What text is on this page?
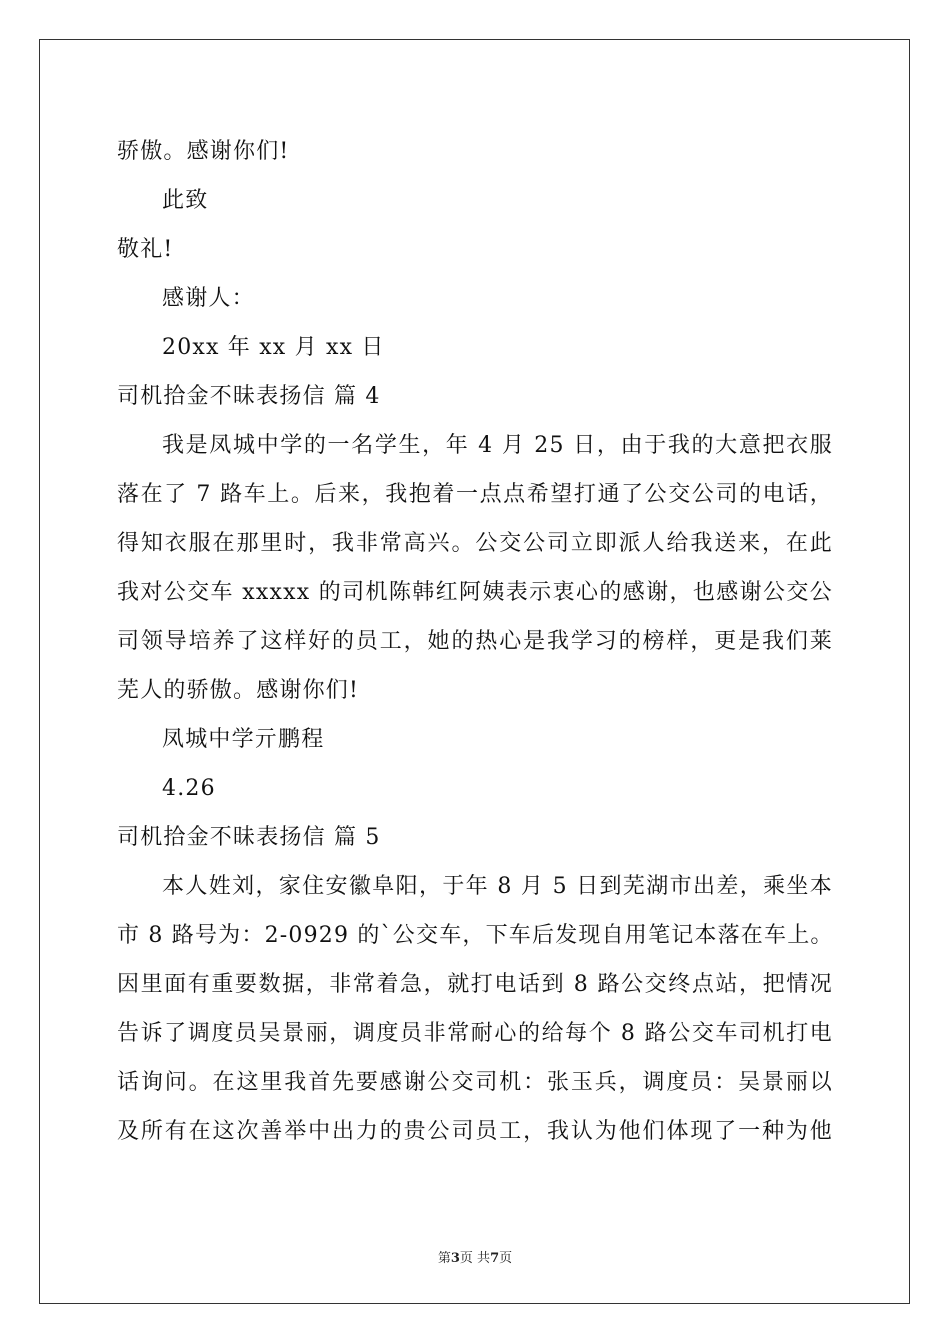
骄傲。感谢你们!
此致
敬礼!
感谢人：
20xx 年 xx 月 xx 日
司机拾金不昧表扬信 篇 4
我是凤城中学的一名学生，年 4 月 25 日，由于我的大意把衣服
落在了 7 路车上。后来，我抱着一点点希望打通了公交公司的电话，
得知衣服在那里时，我非常高兴。公交公司立即派人给我送来，在此
我对公交车 xxxxx 的司机陈韩红阿姨表示衷心的感谢，也感谢公交公
司领导培养了这样好的员工，她的热心是我学习的榜样，更是我们莱
芜人的骄傲。感谢你们!
凤城中学亓鹏程
4.26
司机拾金不昧表扬信 篇 5
本人姓刘，家住安徽阜阳，于年 8 月 5 日到芜湖市出差，乘坐本
市 8 路号为：2-0929 的`公交车，下车后发现自用笔记本落在车上。
因里面有重要数据，非常着急，就打电话到 8 路公交终点站，把情况
告诉了调度员吴景丽，调度员非常耐心的给每个 8 路公交车司机打电
话询问。在这里我首先要感谢公交司机：张玉兵，调度员：吴景丽以
及所有在这次善举中出力的贵公司员工，我认为他们体现了一种为他
第3页 共7页
